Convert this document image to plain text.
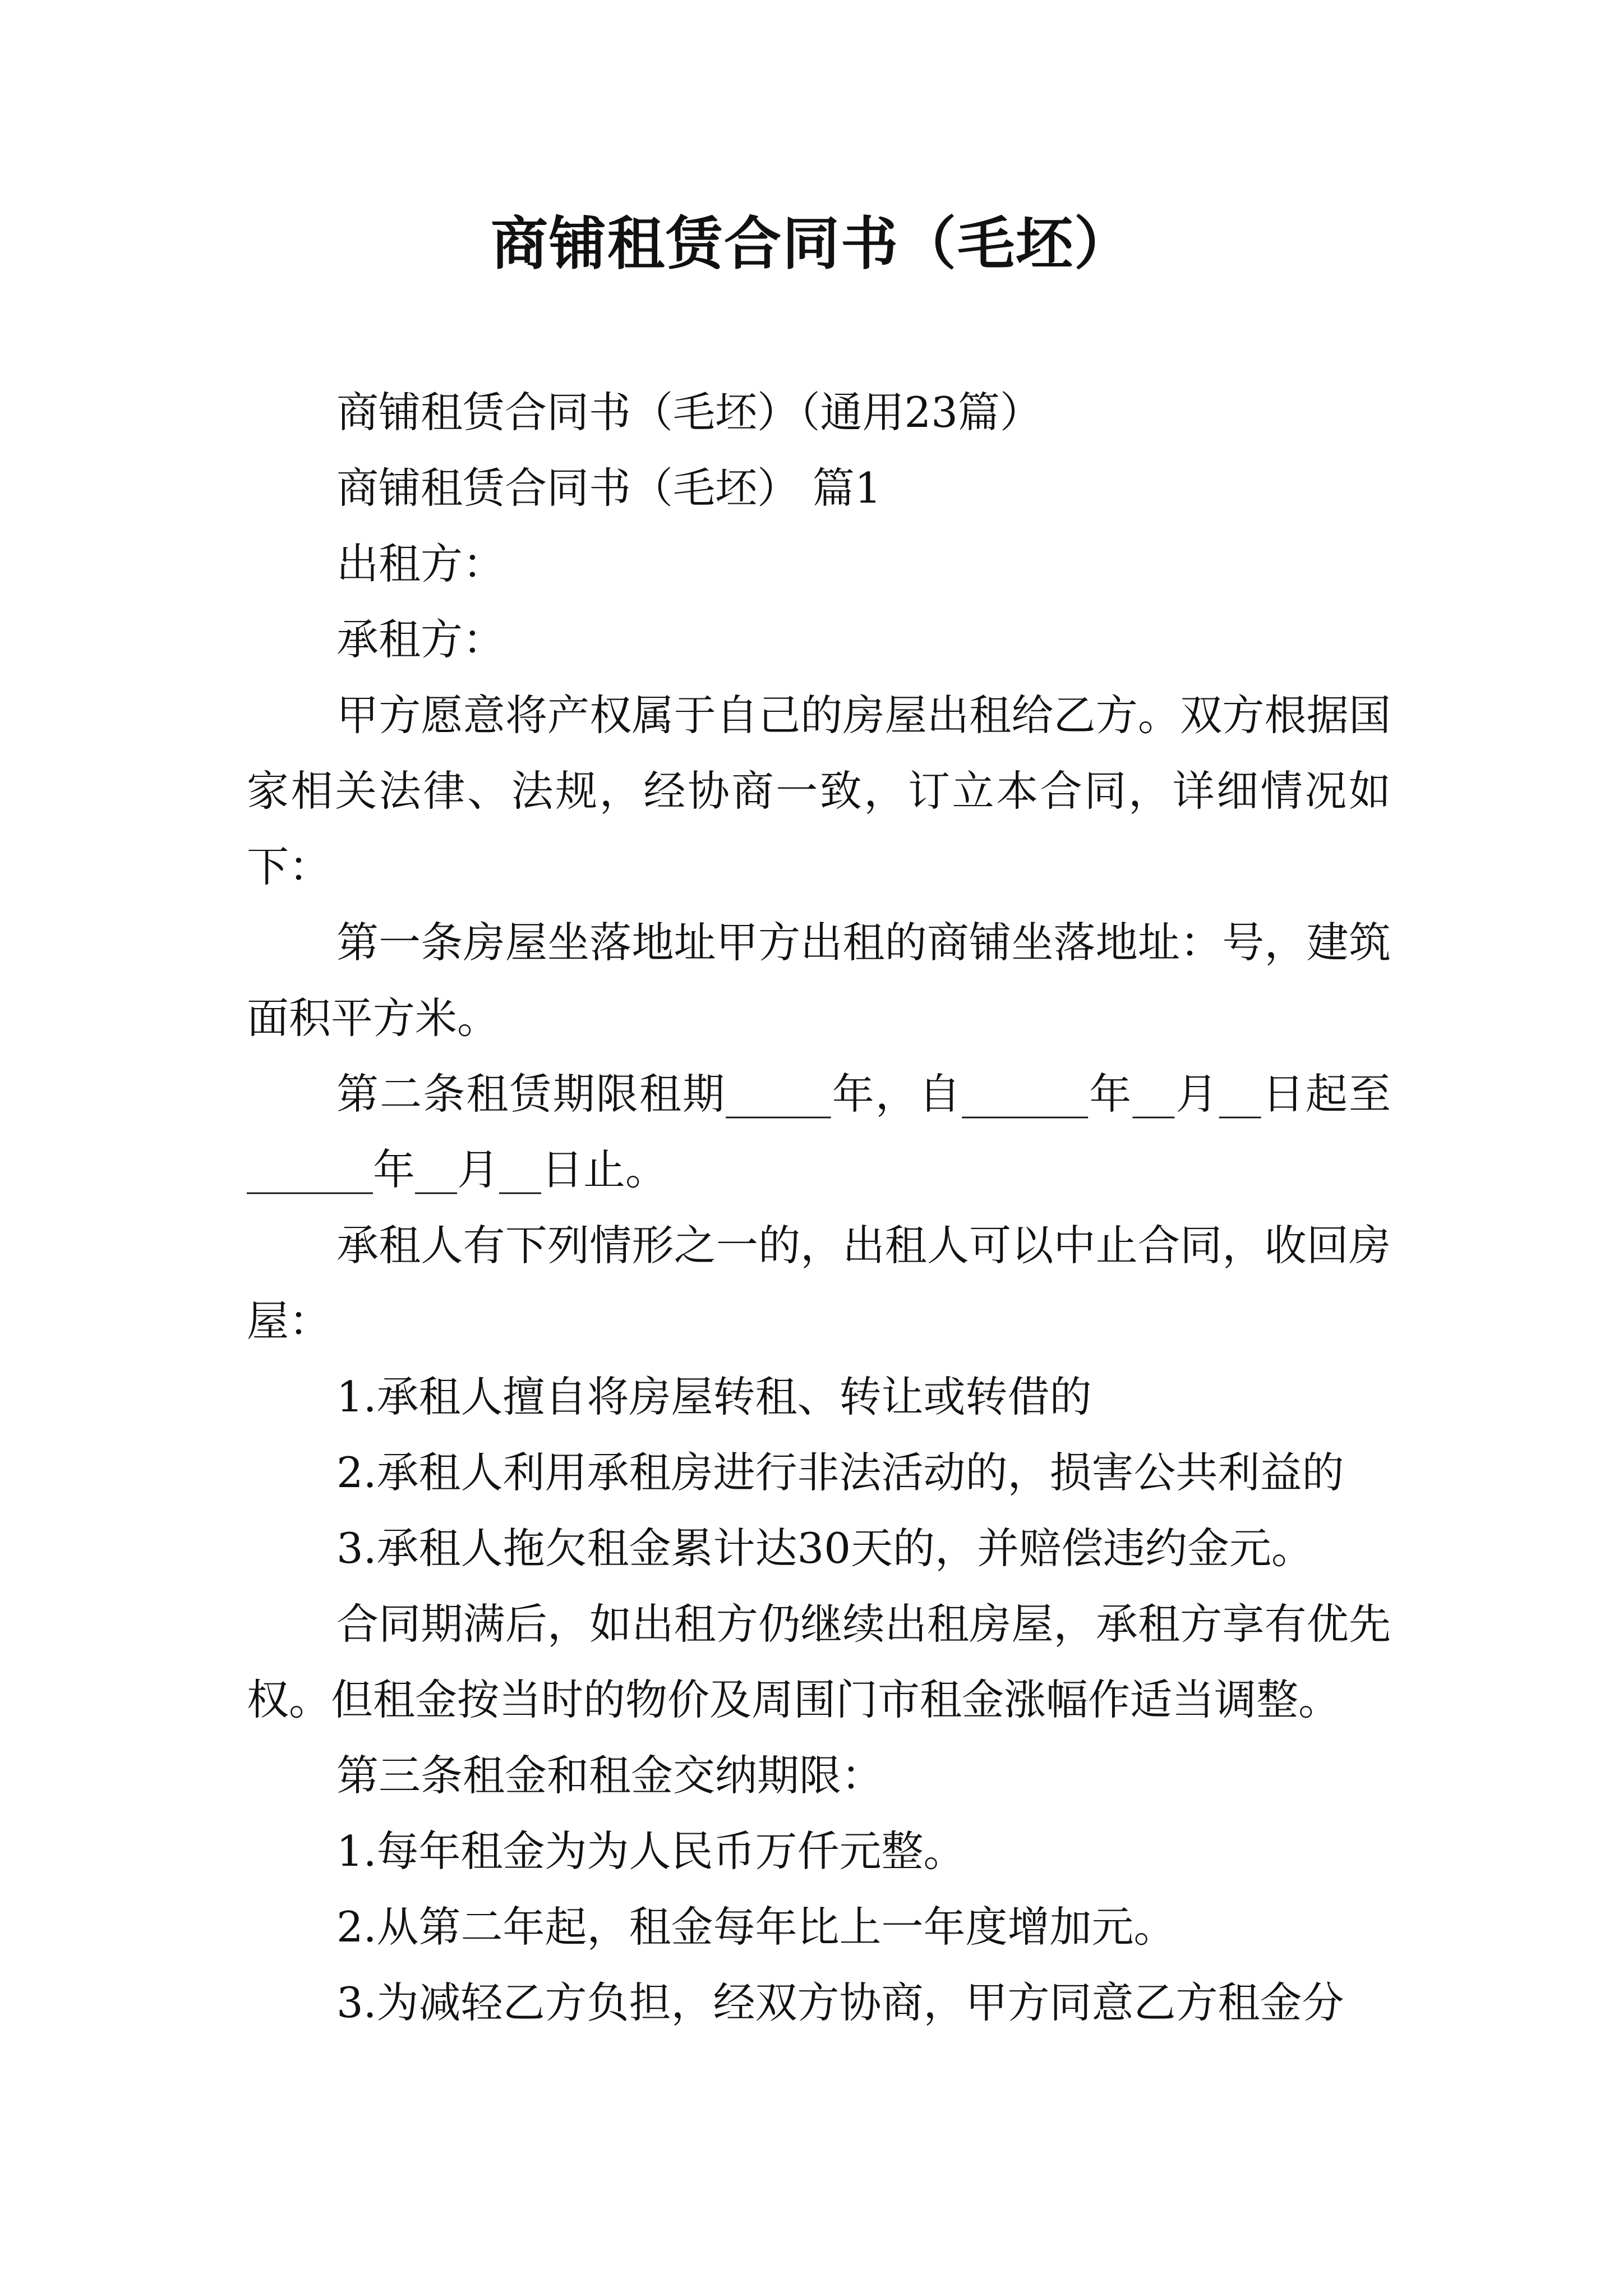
商铺租赁合同书（毛坯）

商铺租赁合同书（毛坯）（通用23篇）

商铺租赁合同书（毛坯） 篇1

出租方：

承租方：

甲方愿意将产权属于自己的房屋出租给乙方。双方根据国家相关法律、法规，经协商一致，订立本合同，详细情况如下：

第一条房屋坐落地址甲方出租的商铺坐落地址：号，建筑面积平方米。

第二条租赁期限租期_____年，自______年__月__日起至______年__月__日止。

承租人有下列情形之一的，出租人可以中止合同，收回房屋：

1.承租人擅自将房屋转租、转让或转借的

2.承租人利用承租房进行非法活动的，损害公共利益的

3.承租人拖欠租金累计达30天的，并赔偿违约金元。

合同期满后，如出租方仍继续出租房屋，承租方享有优先权。但租金按当时的物价及周围门市租金涨幅作适当调整。

第三条租金和租金交纳期限：

1.每年租金为为人民币万仟元整。

2.从第二年起，租金每年比上一年度增加元。

3.为减轻乙方负担，经双方协商，甲方同意乙方租金分
